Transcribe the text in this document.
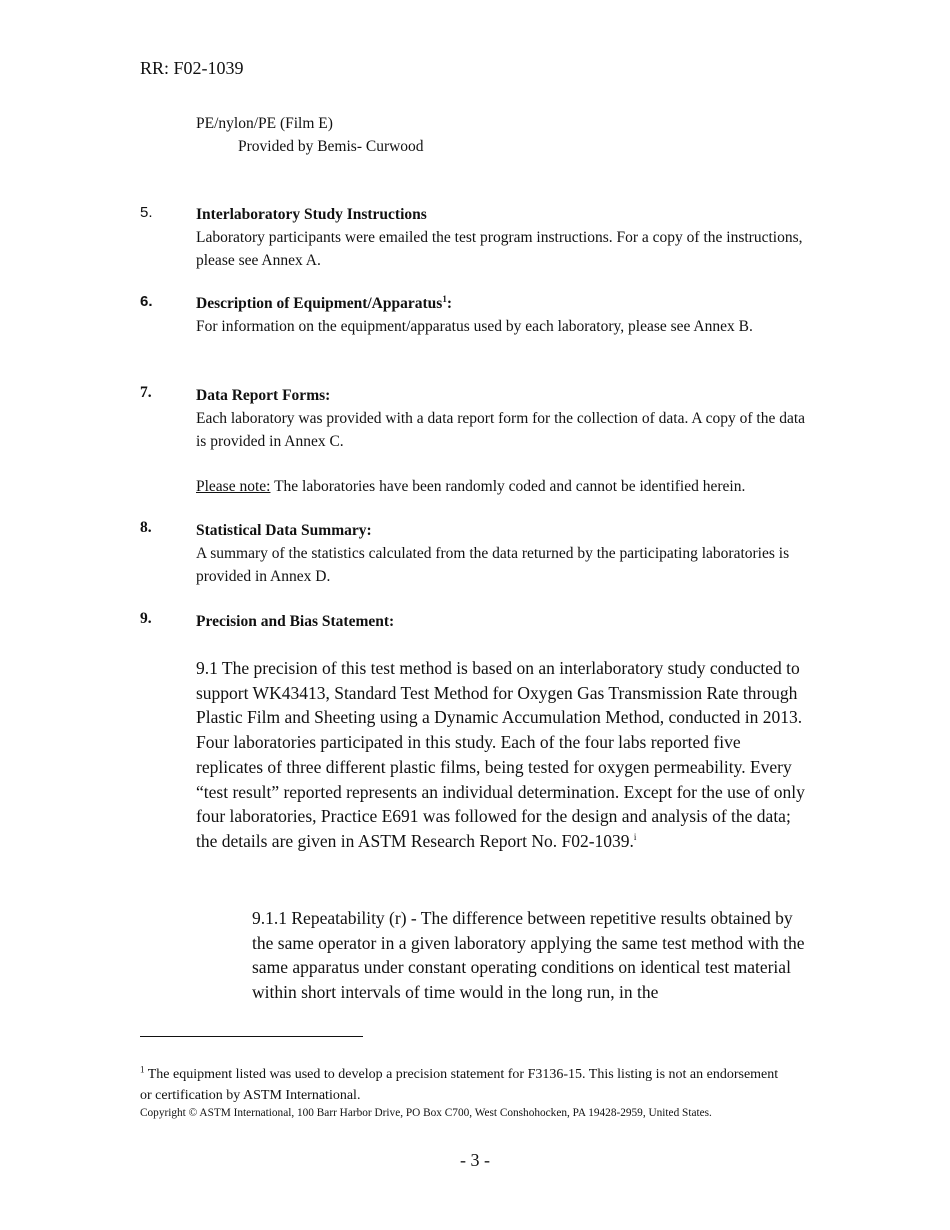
RR: F02-1039
PE/nylon/PE (Film E)
Provided by Bemis- Curwood
5.	Interlaboratory Study Instructions
Laboratory participants were emailed the test program instructions. For a copy of the instructions, please see Annex A.
6.	Description of Equipment/Apparatus$^1$:
For information on the equipment/apparatus used by each laboratory, please see Annex B.
7.	Data Report Forms:
Each laboratory was provided with a data report form for the collection of data. A copy of the data is provided in Annex C.
Please note: The laboratories have been randomly coded and cannot be identified herein.
8.	Statistical Data Summary:
A summary of the statistics calculated from the data returned by the participating laboratories is provided in Annex D.
9.	Precision and Bias Statement:
9.1 The precision of this test method is based on an interlaboratory study conducted to support WK43413, Standard Test Method for Oxygen Gas Transmission Rate through Plastic Film and Sheeting using a Dynamic Accumulation Method, conducted in 2013. Four laboratories participated in this study. Each of the four labs reported five replicates of three different plastic films, being tested for oxygen permeability. Every “test result” reported represents an individual determination. Except for the use of only four laboratories, Practice E691 was followed for the design and analysis of the data; the details are given in ASTM Research Report No. F02-1039.$^i$
9.1.1 Repeatability (r) - The difference between repetitive results obtained by the same operator in a given laboratory applying the same test method with the same apparatus under constant operating conditions on identical test material within short intervals of time would in the long run, in the
$^1$ The equipment listed was used to develop a precision statement for F3136-15. This listing is not an endorsement or certification by ASTM International.
Copyright © ASTM International, 100 Barr Harbor Drive, PO Box C700, West Conshohocken, PA 19428-2959, United States.
- 3 -
